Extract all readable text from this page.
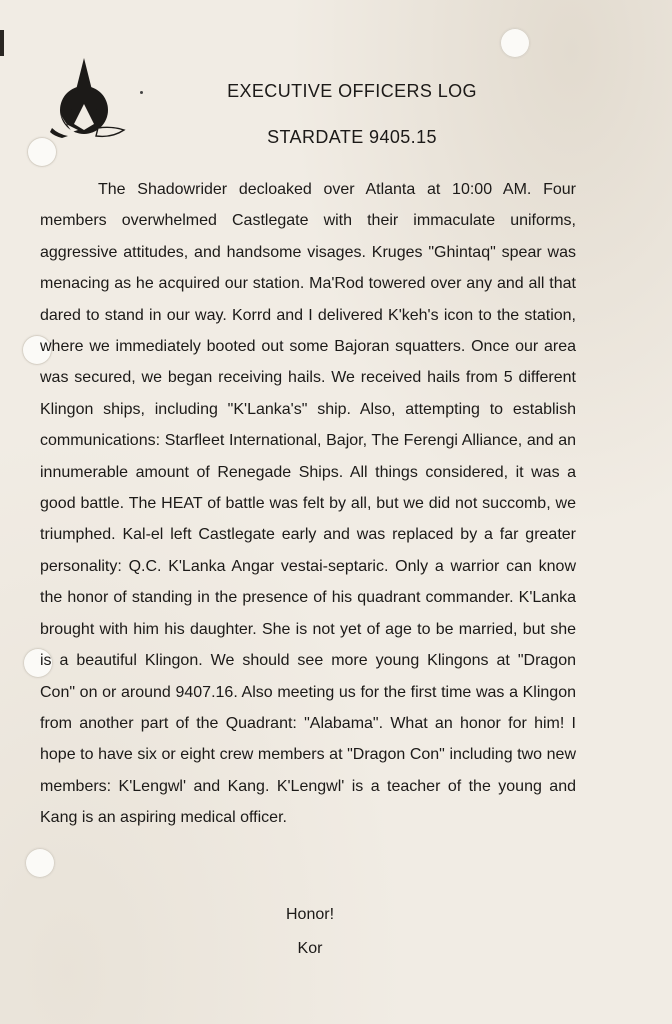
EXECUTIVE OFFICERS LOG
STARDATE 9405.15
The Shadowrider decloaked over Atlanta at 10:00 AM. Four members overwhelmed Castlegate with their immaculate uniforms, aggressive attitudes, and handsome visages. Kruges "Ghintaq" spear was menacing as he acquired our station. Ma'Rod towered over any and all that dared to stand in our way. Korrd and I delivered K'keh's icon to the station, where we immediately booted out some Bajoran squatters. Once our area was secured, we began receiving hails. We received hails from 5 different Klingon ships, including "K'Lanka's" ship. Also, attempting to establish communications: Starfleet International, Bajor, The Ferengi Alliance, and an innumerable amount of Renegade Ships. All things considered, it was a good battle. The HEAT of battle was felt by all, but we did not succomb, we triumphed. Kal-el left Castlegate early and was replaced by a far greater personality: Q.C. K'Lanka Angar vestai-septaric. Only a warrior can know the honor of standing in the presence of his quadrant commander. K'Lanka brought with him his daughter. She is not yet of age to be married, but she is a beautiful Klingon. We should see more young Klingons at "Dragon Con" on or around 9407.16. Also meeting us for the first time was a Klingon from another part of the Quadrant: "Alabama". What an honor for him! I hope to have six or eight crew members at "Dragon Con" including two new members: K'Lengwl' and Kang. K'Lengwl' is a teacher of the young and Kang is an aspiring medical officer.
Honor!
Kor
